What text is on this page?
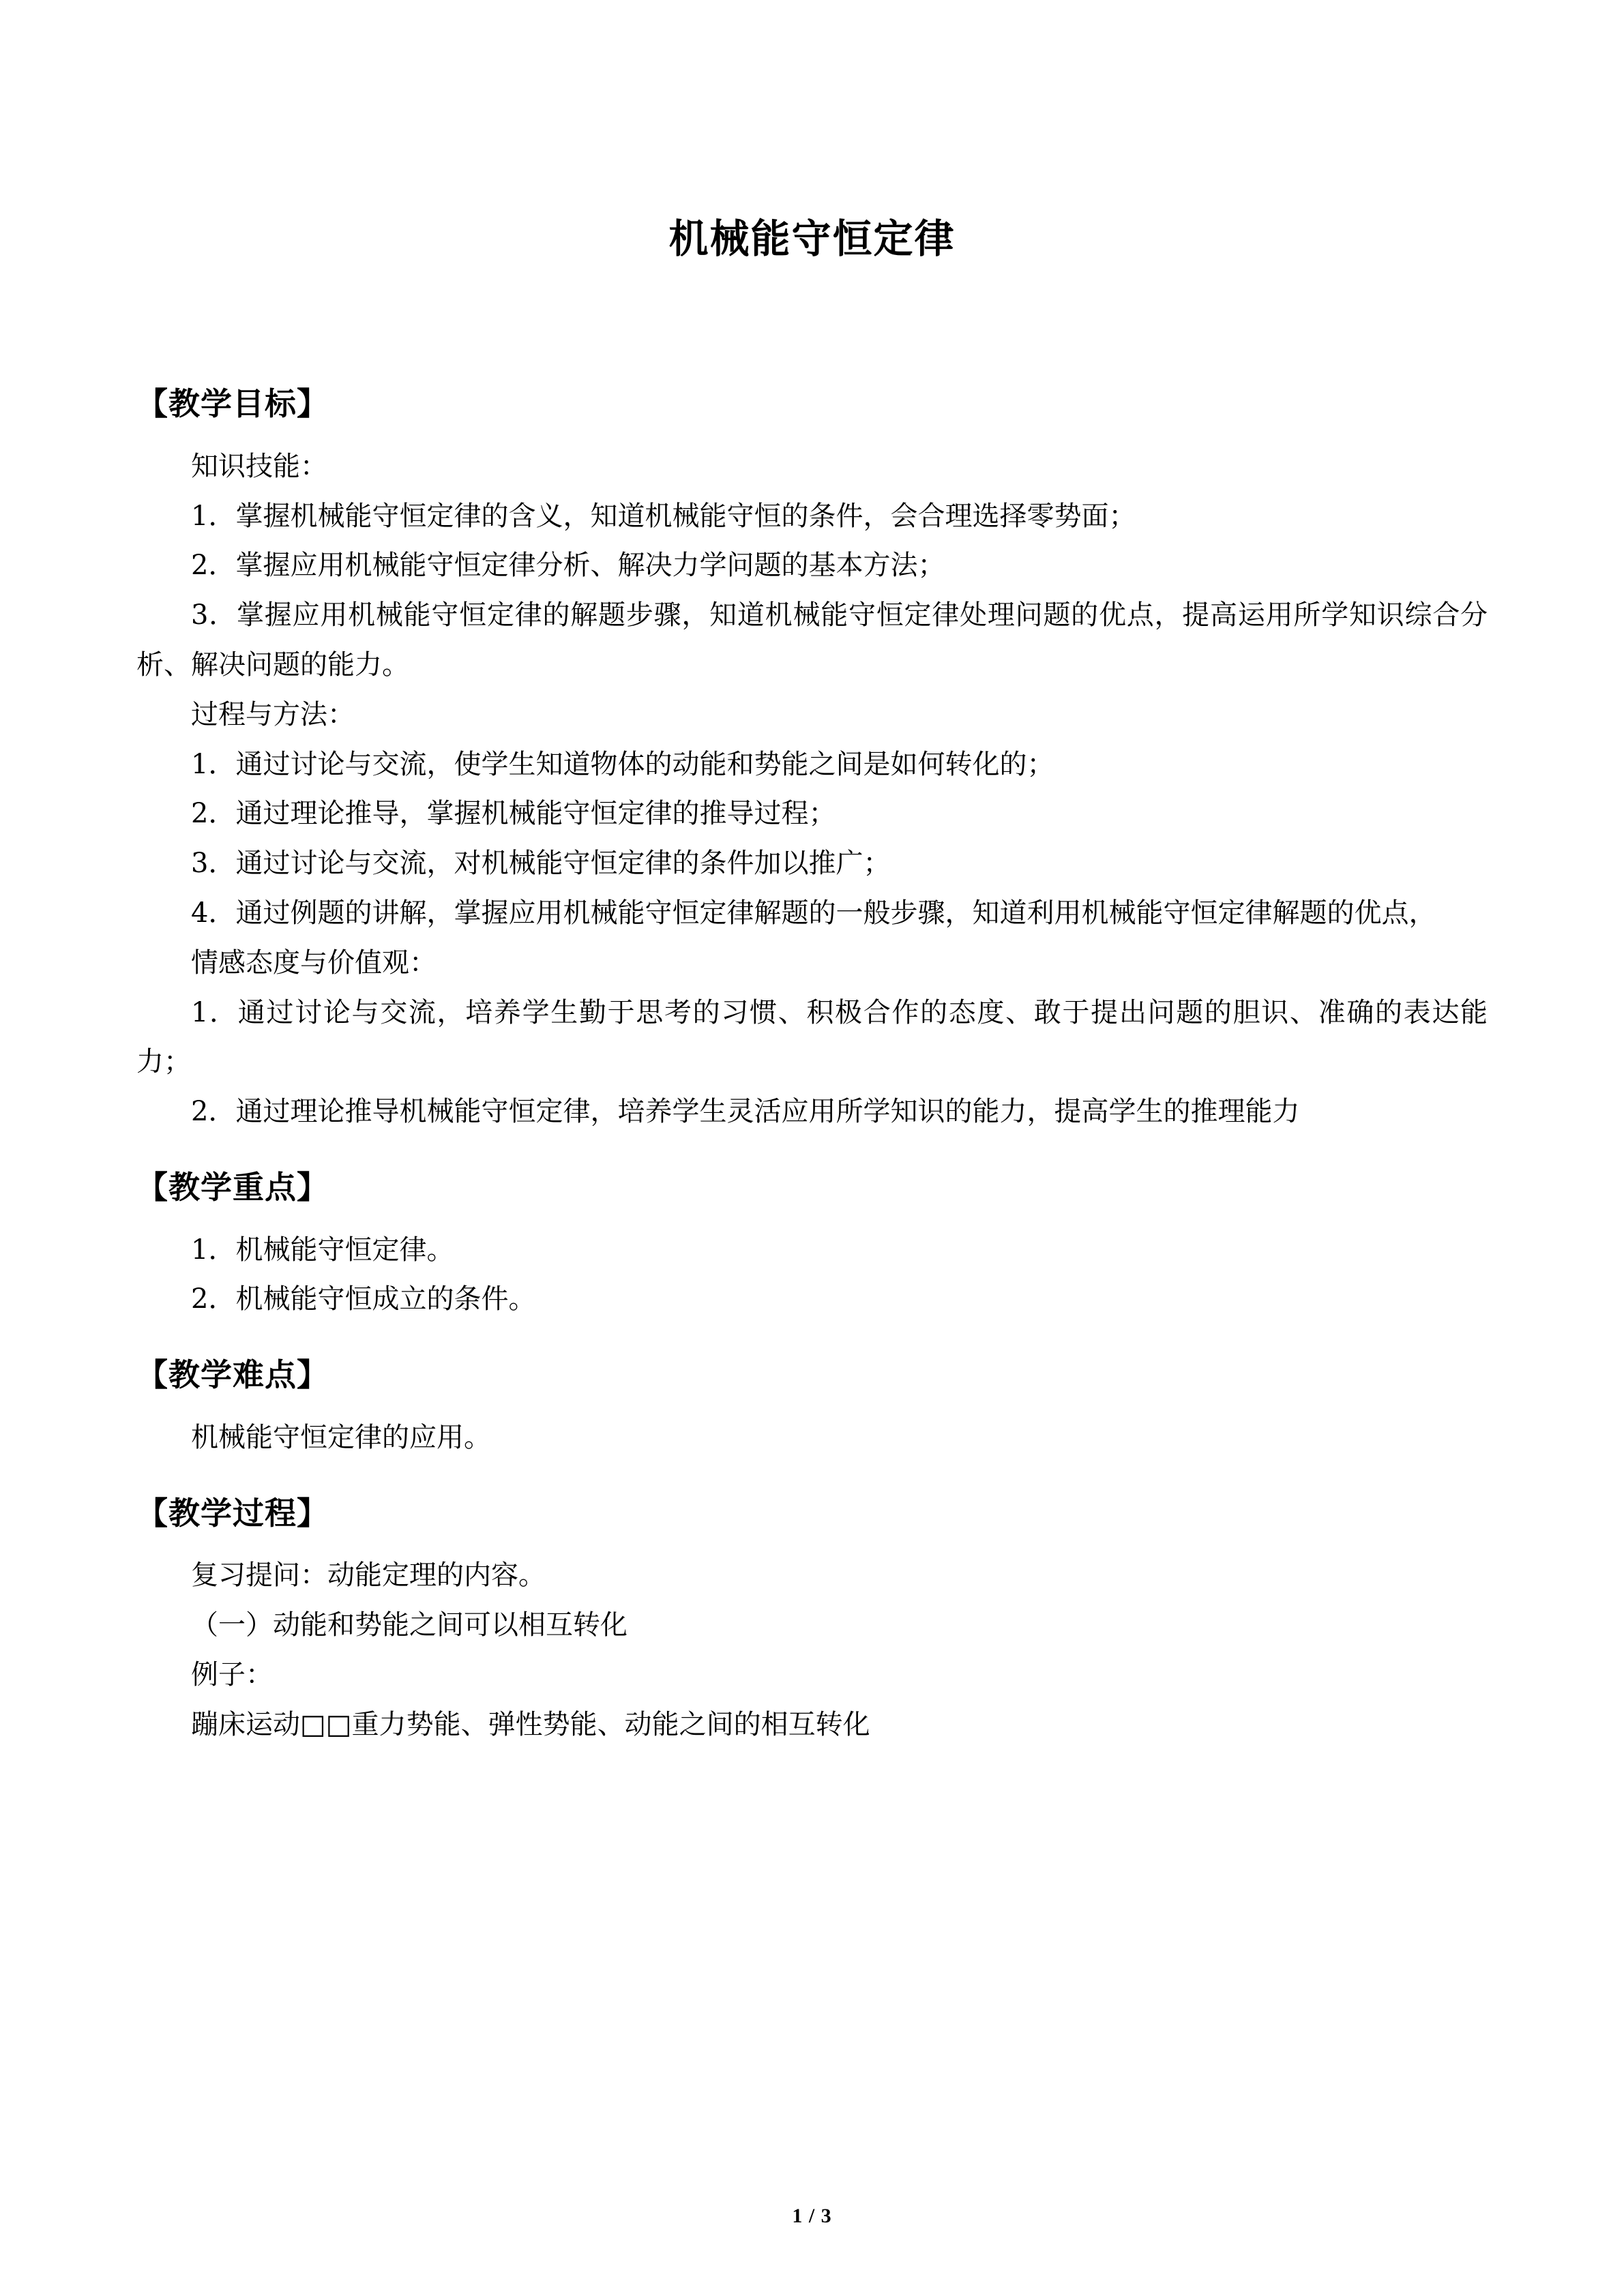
机械能守恒定律
【教学目标】

知识技能：

1．掌握机械能守恒定律的含义，知道机械能守恒的条件，会合理选择零势面；

2．掌握应用机械能守恒定律分析、解决力学问题的基本方法；

3．掌握应用机械能守恒定律的解题步骤，知道机械能守恒定律处理问题的优点，提高运用所学知识综合分析、解决问题的能力。

过程与方法：

1．通过讨论与交流，使学生知道物体的动能和势能之间是如何转化的；

2．通过理论推导，掌握机械能守恒定律的推导过程；

3．通过讨论与交流，对机械能守恒定律的条件加以推广；

4．通过例题的讲解，掌握应用机械能守恒定律解题的一般步骤，知道利用机械能守恒定律解题的优点，

情感态度与价值观：

1．通过讨论与交流，培养学生勤于思考的习惯、积极合作的态度、敢于提出问题的胆识、准确的表达能力；

2．通过理论推导机械能守恒定律，培养学生灵活应用所学知识的能力，提高学生的推理能力

【教学重点】

1．机械能守恒定律。

2．机械能守恒成立的条件。

【教学难点】

机械能守恒定律的应用。

【教学过程】

复习提问：动能定理的内容。

（一）动能和势能之间可以相互转化

例子：

蹦床运动□□重力势能、弹性势能、动能之间的相互转化

1 / 3
